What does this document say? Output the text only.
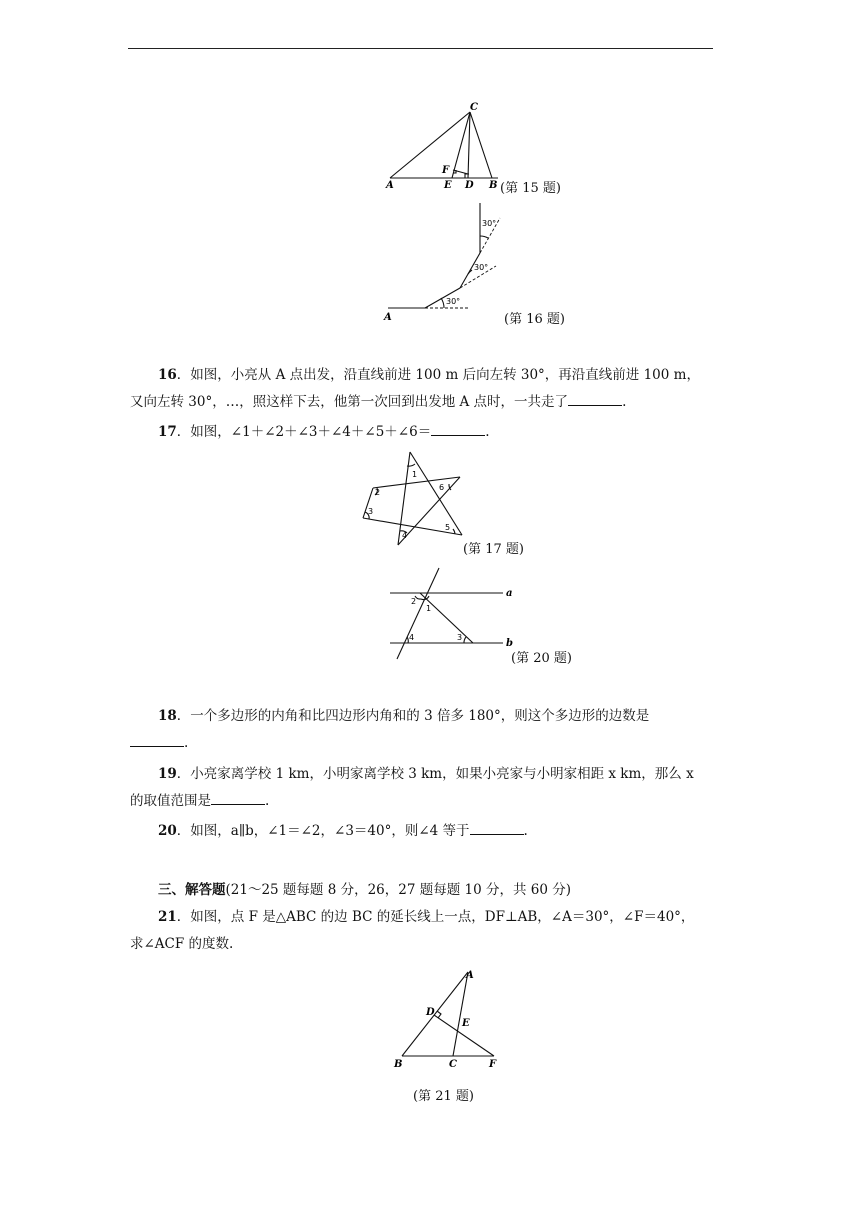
C
A
F
E D B (第 15 题)
30°
30°
30°
A	(第 16 题)

16．如图，小亮从 A 点出发，沿直线前进 100 m 后向左转 30°，再沿直线前进 100 m，

又向左转 30°，…，照这样下去，他第一次回到出发地 A 点时，一共走了	.

17．如图，∠1＋∠2＋∠3＋∠4＋∠5＋∠6＝	.

1
2
3
4
5
6
(第 17 题)
a
b
1
2
3
4
(第 20 题)

18．一个多边形的内角和比四边形内角和的 3 倍多 180°，则这个多边形的边数是

.

19．小亮家离学校 1 km，小明家离学校 3 km，如果小亮家与小明家相距 x km，那么 x

的取值范围是	.

20．如图，a∥b，∠1＝∠2，∠3＝40°，则∠4 等于	.

三、解答题(21～25 题每题 8 分，26，27 题每题 10 分，共 60 分)

21．如图，点 F 是△ABC 的边 BC 的延长线上一点，DF⊥AB，∠A＝30°，∠F＝40°，

求∠ACF 的度数.

A
D
E
B	C	F
(第 21 题)
